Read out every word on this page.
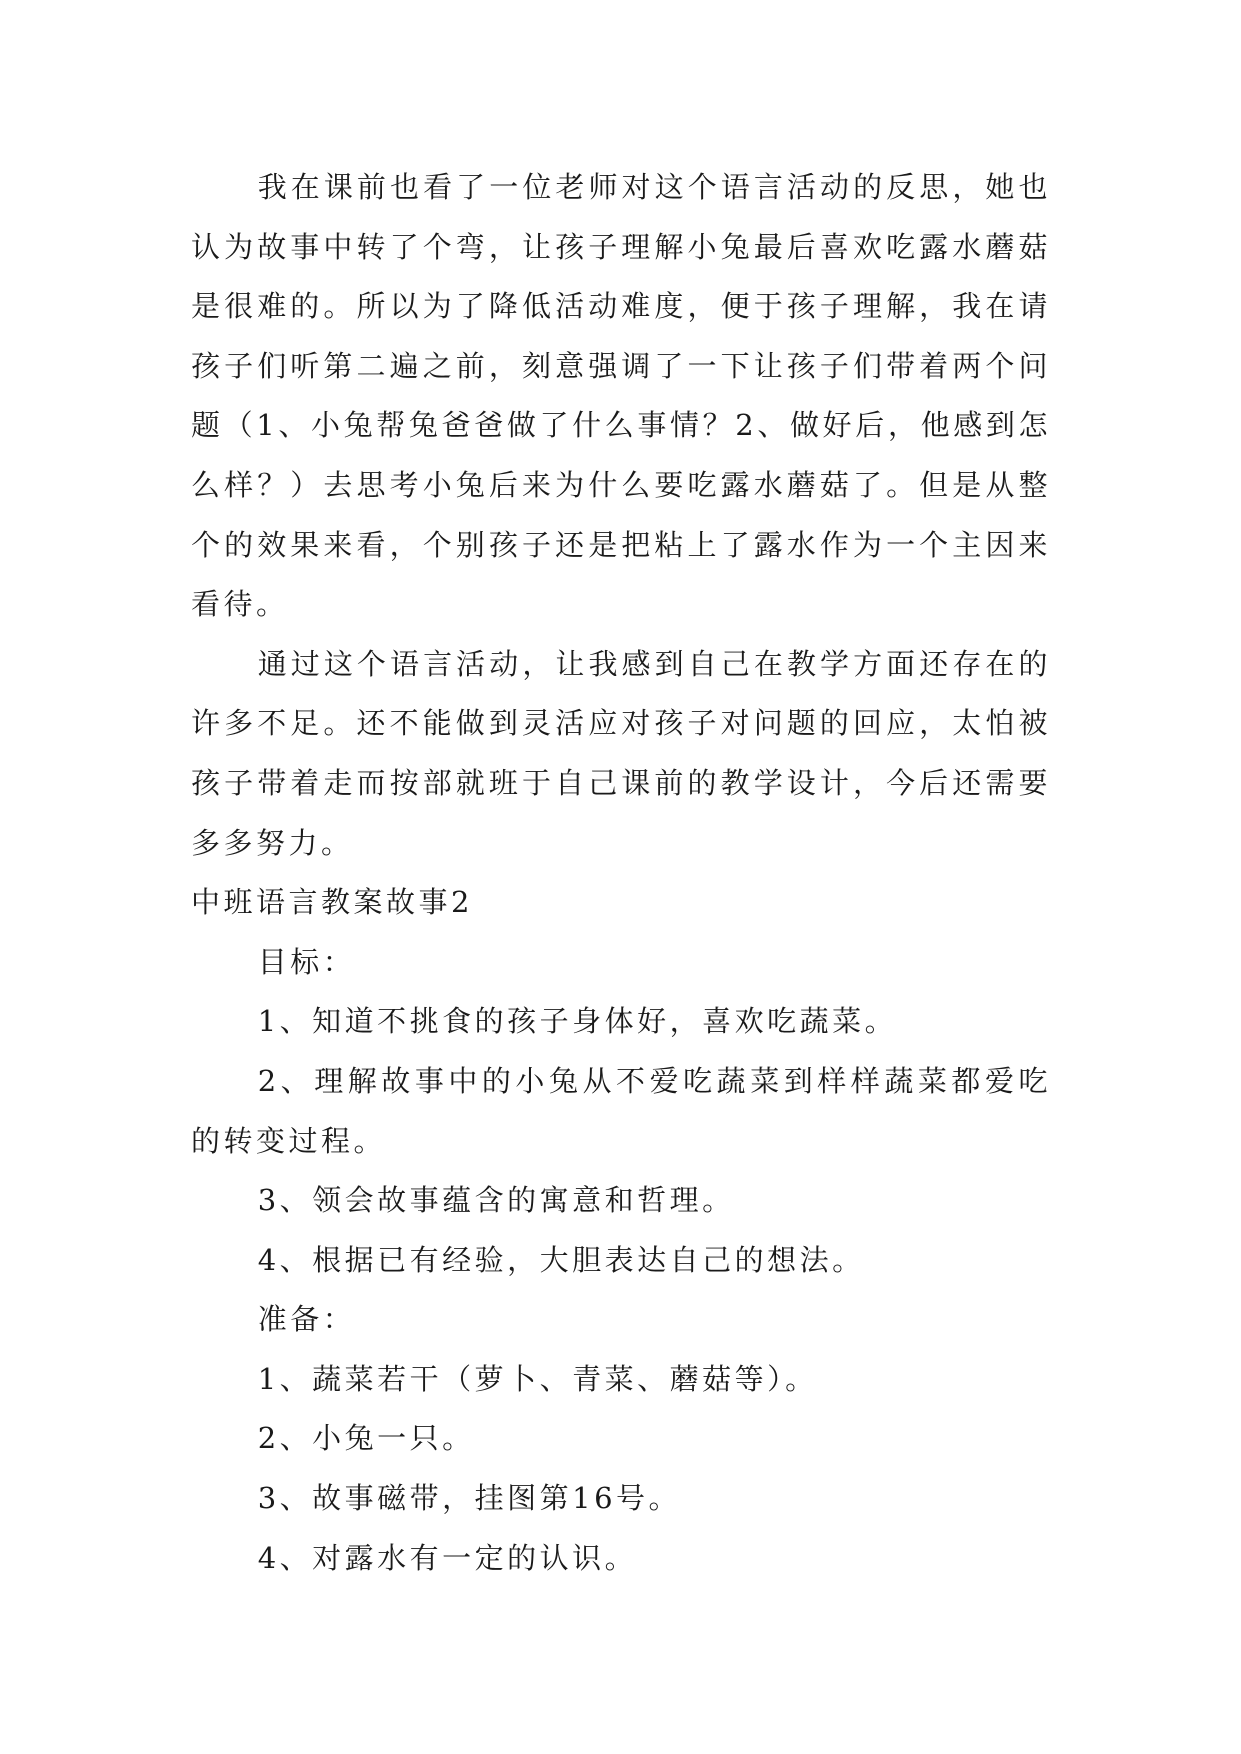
我在课前也看了一位老师对这个语言活动的反思，她也认为故事中转了个弯，让孩子理解小兔最后喜欢吃露水蘑菇是很难的。所以为了降低活动难度，便于孩子理解，我在请孩子们听第二遍之前，刻意强调了一下让孩子们带着两个问题（1、小兔帮兔爸爸做了什么事情？2、做好后，他感到怎么样？）去思考小兔后来为什么要吃露水蘑菇了。但是从整个的效果来看，个别孩子还是把粘上了露水作为一个主因来看待。

通过这个语言活动，让我感到自己在教学方面还存在的许多不足。还不能做到灵活应对孩子对问题的回应，太怕被孩子带着走而按部就班于自己课前的教学设计，今后还需要多多努力。

中班语言教案故事2

目标：

1、知道不挑食的孩子身体好，喜欢吃蔬菜。

2、理解故事中的小兔从不爱吃蔬菜到样样蔬菜都爱吃的转变过程。

3、领会故事蕴含的寓意和哲理。

4、根据已有经验，大胆表达自己的想法。

准备：

1、蔬菜若干（萝卜、青菜、蘑菇等）。

2、小兔一只。

3、故事磁带，挂图第16号。

4、对露水有一定的认识。
